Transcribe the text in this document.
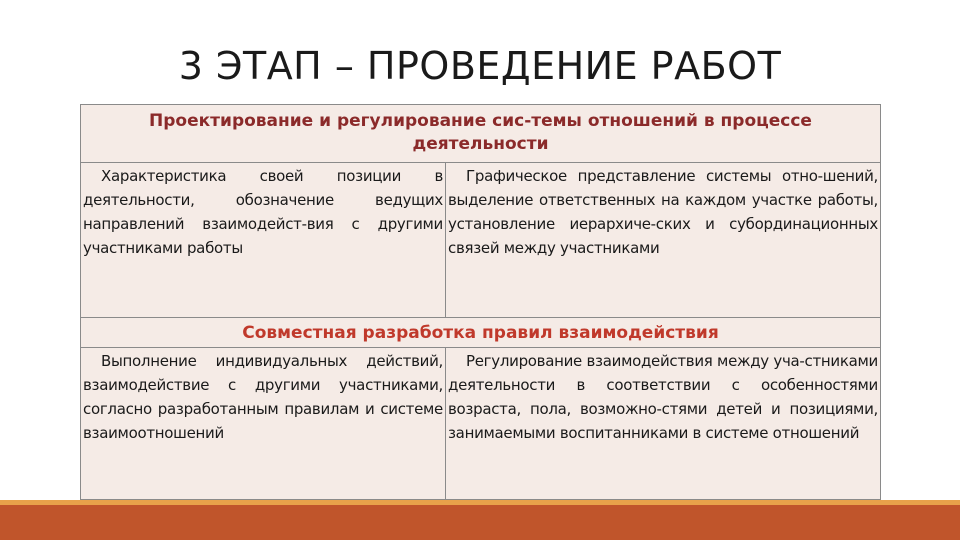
3 ЭТАП – ПРОВЕДЕНИЕ РАБОТ
Проектирование и регулирование сис-темы отношений в процессе деятельности
Характеристика своей позиции в деятельности, обозначение ведущих направлений взаимодейст-вия с другими участниками работы
Графическое представление системы отно-шений, выделение ответственных на каждом участке работы, установление иерархиче-ских и субординационных связей между участниками
Совместная разработка правил взаимодействия
Выполнение индивидуальных действий, взаимодействие с другими участниками, согласно разработанным правилам и системе взаимоотношений
Регулирование взаимодействия между уча-стниками деятельности в соответствии с особенностями возраста, пола, возможно-стями детей и позициями, занимаемыми воспитанниками в системе отношений
